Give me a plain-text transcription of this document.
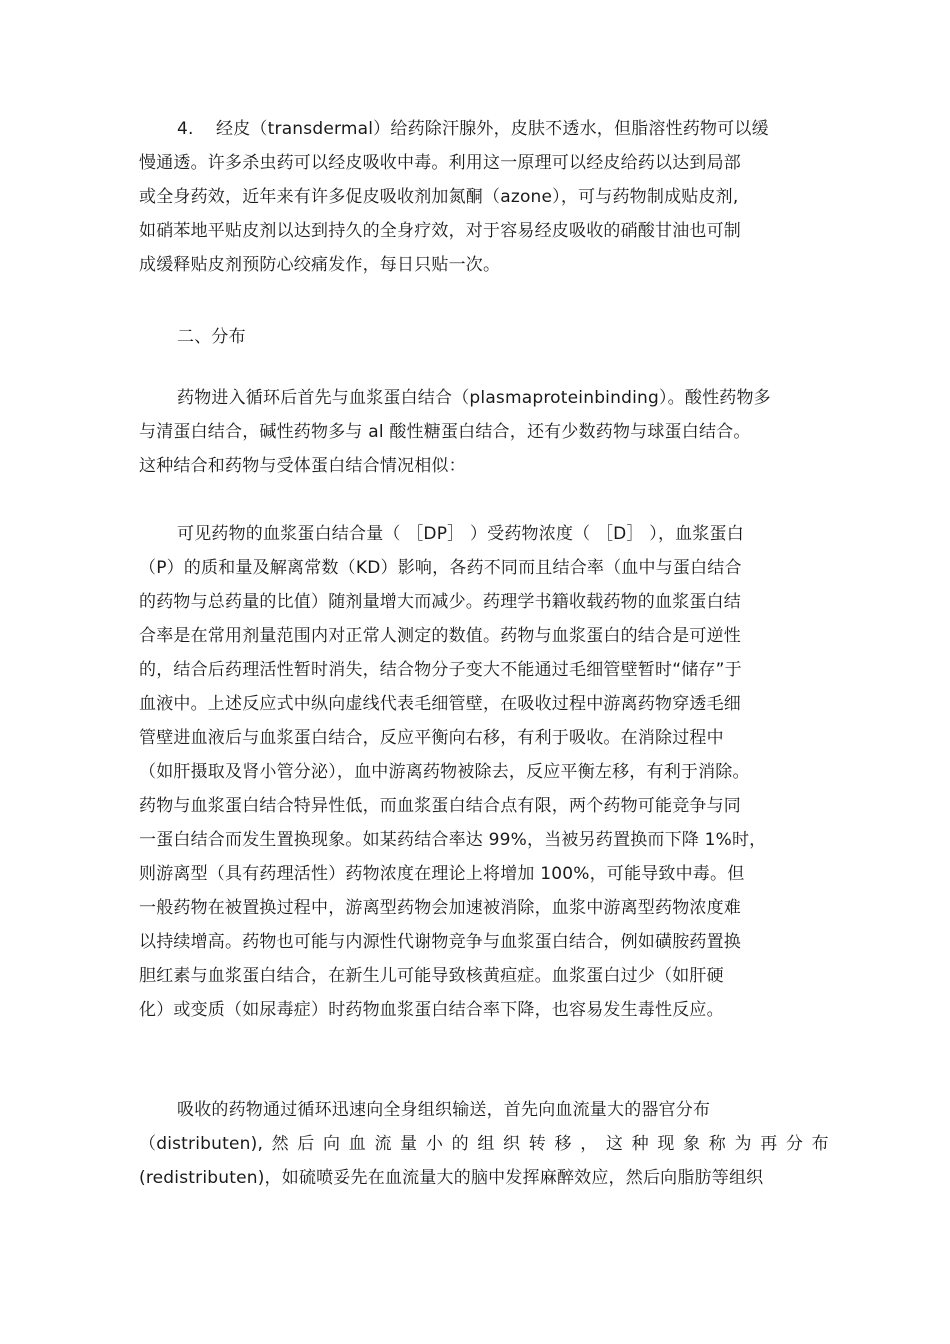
4.    经皮（transdermal）给药除汗腺外，皮肤不透水，但脂溶性药物可以缓
慢通透。许多杀虫药可以经皮吸收中毒。利用这一原理可以经皮给药以达到局部
或全身药效，近年来有许多促皮吸收剂加氮酮（azone），可与药物制成贴皮剂,
如硝苯地平贴皮剂以达到持久的全身疗效，对于容易经皮吸收的硝酸甘油也可制
成缓释贴皮剂预防心绞痛发作，每日只贴一次。
二、分布
药物进入循环后首先与血浆蛋白结合（plasmaproteinbinding）。酸性药物多
与清蛋白结合，碱性药物多与 al 酸性糖蛋白结合，还有少数药物与球蛋白结合。
这种结合和药物与受体蛋白结合情况相似：
可见药物的血浆蛋白结合量（ ［DP］ ）受药物浓度（ ［D］ ），血浆蛋白
（P）的质和量及解离常数（KD）影响，各药不同而且结合率（血中与蛋白结合
的药物与总药量的比值）随剂量增大而减少。药理学书籍收载药物的血浆蛋白结
合率是在常用剂量范围内对正常人测定的数值。药物与血浆蛋白的结合是可逆性
的，结合后药理活性暂时消失，结合物分子变大不能通过毛细管壁暂时“储存”于
血液中。上述反应式中纵向虚线代表毛细管壁，在吸收过程中游离药物穿透毛细
管壁进血液后与血浆蛋白结合，反应平衡向右移，有利于吸收。在消除过程中
（如肝摄取及肾小管分泌），血中游离药物被除去，反应平衡左移，有利于消除。
药物与血浆蛋白结合特异性低，而血浆蛋白结合点有限，两个药物可能竞争与同
一蛋白结合而发生置换现象。如某药结合率达 99%，当被另药置换而下降 1%时，
则游离型（具有药理活性）药物浓度在理论上将增加 100%，可能导致中毒。但
一般药物在被置换过程中，游离型药物会加速被消除，血浆中游离型药物浓度难
以持续增高。药物也可能与内源性代谢物竞争与血浆蛋白结合，例如磺胺药置换
胆红素与血浆蛋白结合，在新生儿可能导致核黄疸症。血浆蛋白过少（如肝硬
化）或变质（如尿毒症）时药物血浆蛋白结合率下降，也容易发生毒性反应。
吸收的药物通过循环迅速向全身组织输送，首先向血流量大的器官分布
（distributen), 然 后 向 血 流 量 小 的 组 织 转 移 ， 这 种 现 象 称 为 再 分 布
(redistributen)，如硫喷妥先在血流量大的脑中发挥麻醉效应，然后向脂肪等组织
